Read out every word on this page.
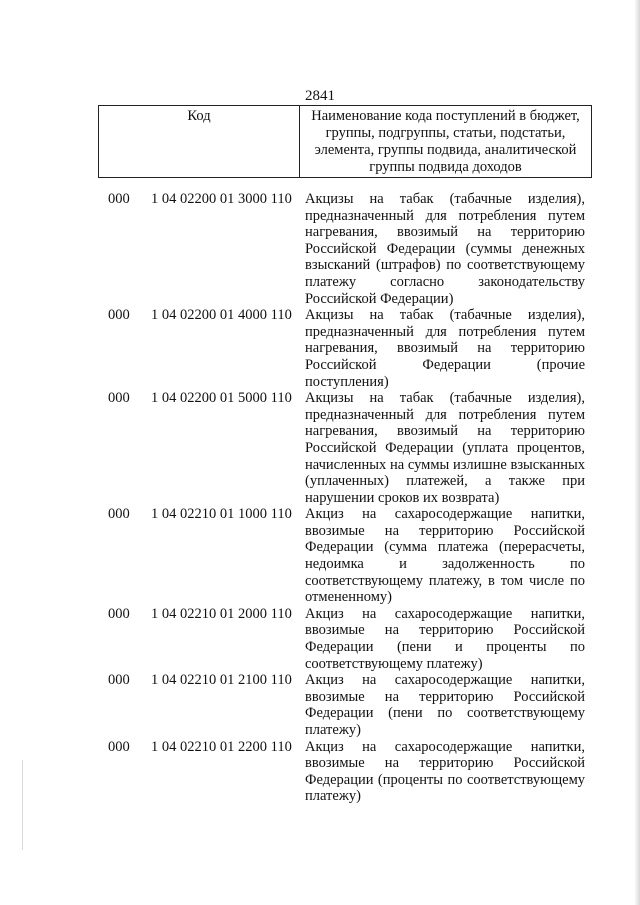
2841
Код	Наименование кода поступлений в бюджет, группы, подгруппы, статьи, подстатьи, элемента, группы подвида, аналитической группы подвида доходов
000	1 04 02200 01 3000 110 Акцизы на табак (табачные изделия), предназначенный для потребления путем нагревания, ввозимый на территорию Российской Федерации (суммы денежных взысканий (штрафов) по соответствующему платежу согласно законодательству Российской Федерации)
000	1 04 02200 01 4000 110 Акцизы на табак (табачные изделия), предназначенный для потребления путем нагревания, ввозимый на территорию Российской Федерации (прочие поступления)
000	1 04 02200 01 5000 110 Акцизы на табак (табачные изделия), предназначенный для потребления путем нагревания, ввозимый на территорию Российской Федерации (уплата процентов, начисленных на суммы излишне взысканных (уплаченных) платежей, а также при нарушении сроков их возврата)
000	1 04 02210 01 1000 110 Акциз на сахаросодержащие напитки, ввозимые на территорию Российской Федерации (сумма платежа (перерасчеты, недоимка и задолженность по соответствующему платежу, в том числе по отмененному)
000	1 04 02210 01 2000 110 Акциз на сахаросодержащие напитки, ввозимые на территорию Российской Федерации (пени и проценты по соответствующему платежу)
000	1 04 02210 01 2100 110 Акциз на сахаросодержащие напитки, ввозимые на территорию Российской Федерации (пени по соответствующему платежу)
000	1 04 02210 01 2200 110 Акциз на сахаросодержащие напитки, ввозимые на территорию Российской Федерации (проценты по соответствующему платежу)
